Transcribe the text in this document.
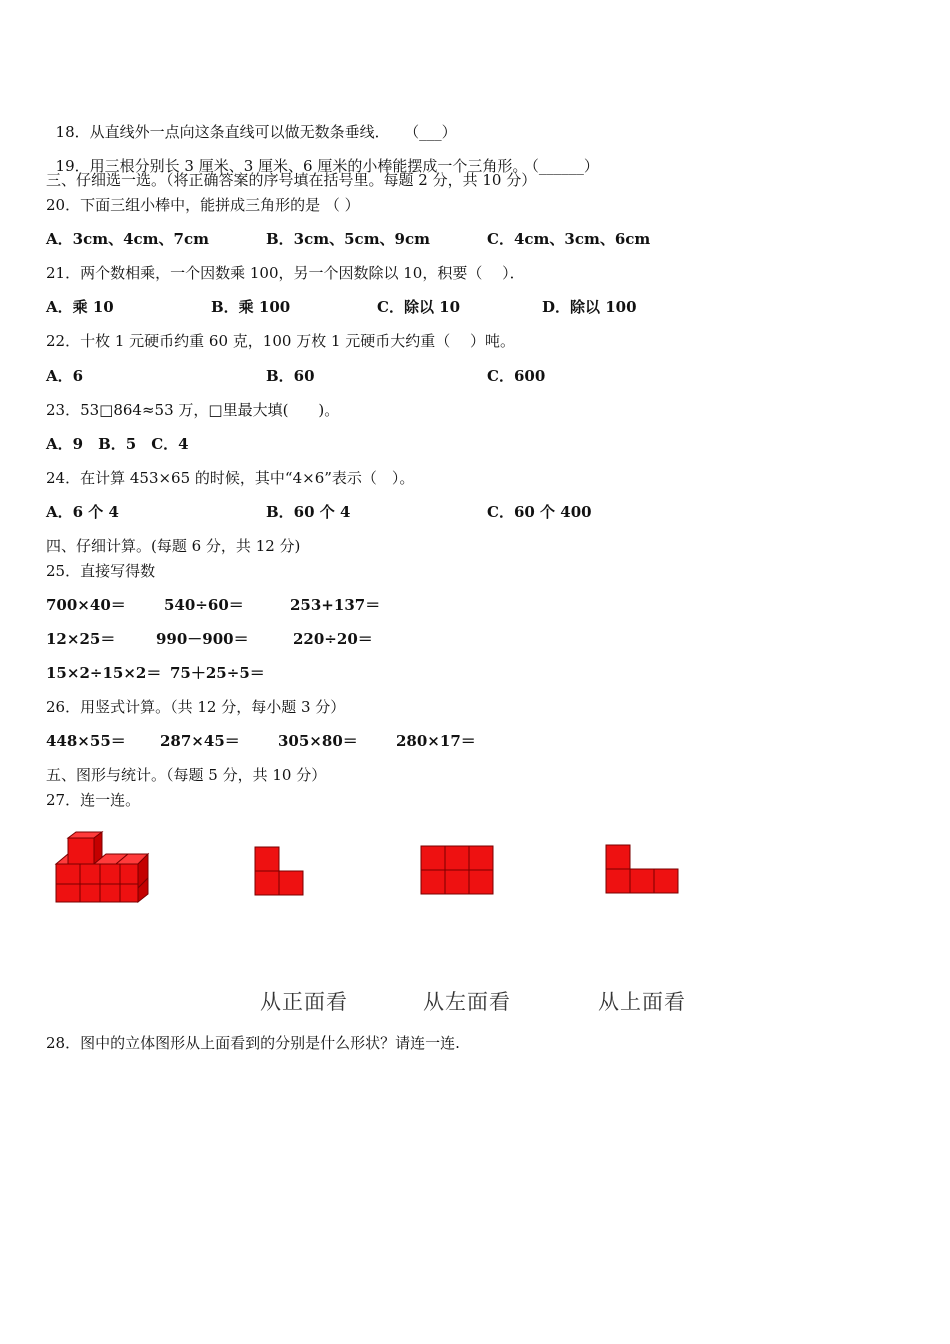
18．从直线外一点向这条直线可以做无数条垂线． （___）

19．用三根分别长 3 厘米、3 厘米、6 厘米的小棒能摆成一个三角形。 （______）

三、仔细选一选。（将正确答案的序号填在括号里。每题 2 分，共 10 分）
20．下面三组小棒中，能拼成三角形的是 （ ）
A．3cm、4cm、7cm	B．3cm、5cm、9cm	C．4cm、3cm、6cm
21．两个数相乘，一个因数乘 100，另一个因数除以 10，积要（　 ）．
A．乘 10	B．乘 100	C．除以 10	D．除以 100
22．十枚 1 元硬币约重 60 克，100 万枚 1 元硬币大约重（　 ）吨。
A．6	B．60	C．600
23．53□864≈53 万，□里最大填(　　)。
A．9　B．5　C．4
24．在计算 453×65 的时候，其中“4×6”表示（　）。
A．6 个 4	B．60 个 4	C．60 个 400
四、仔细计算。(每题 6 分，共 12 分)
25．直接写得数
700×40＝	540÷60＝	253+137＝
12×25＝	990－900＝	220÷20＝
15×2÷15×2＝ 75＋25÷5＝
26．用竖式计算。（共 12 分，每小题 3 分）
448×55＝ 287×45＝	305×80＝	280×17＝
五、图形与统计。（每题 5 分，共 10 分）
27．连一连。
从正面看	从左面看	从上面看
28．图中的立体图形从上面看到的分别是什么形状？请连一连.
